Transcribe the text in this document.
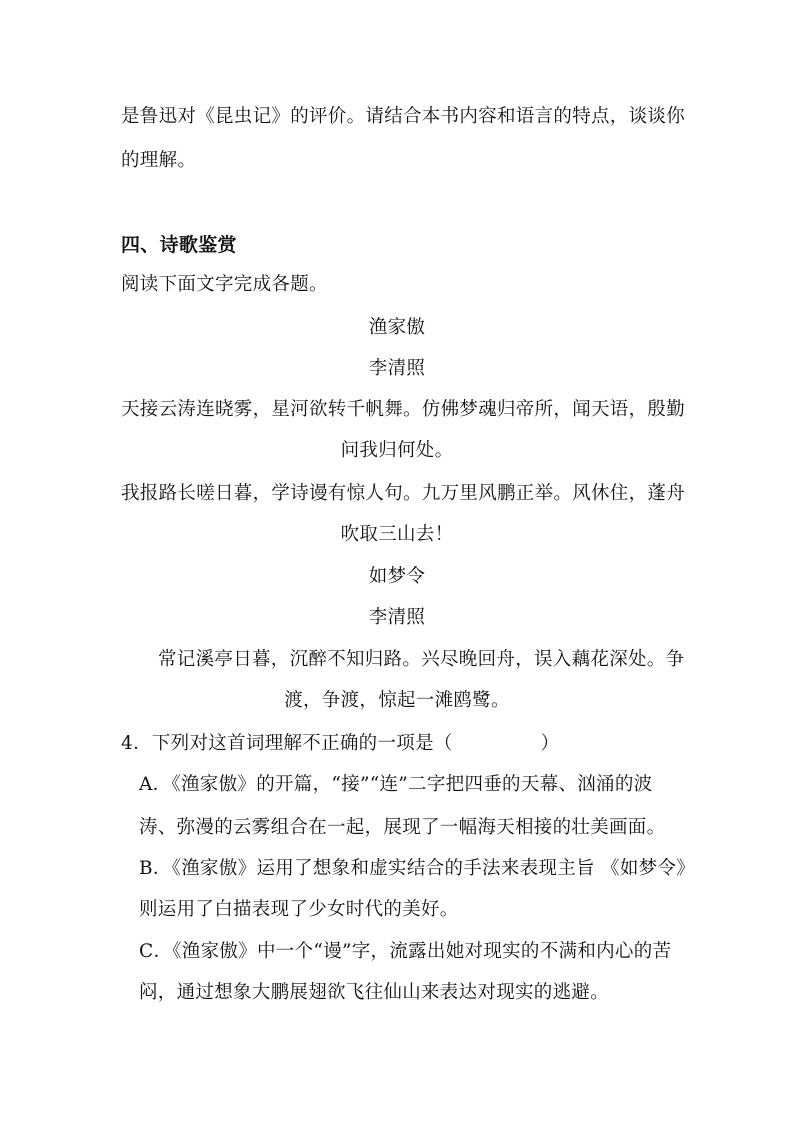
是鲁迅对《昆虫记》的评价。请结合本书内容和语言的特点，谈谈你
的理解。
四、诗歌鉴赏
阅读下面文字完成各题。
渔家傲
李清照
天接云涛连晓雾，星河欲转千帆舞。仿佛梦魂归帝所，闻天语，殷勤
问我归何处。
我报路长嗟日暮，学诗谩有惊人句。九万里风鹏正举。风休住，蓬舟
吹取三山去！
如梦令
李清照
常记溪亭日暮，沉醉不知归路。兴尽晚回舟，误入藕花深处。争
渡，争渡，惊起一滩鸥鹭。
4．下列对这首词理解不正确的一项是（	）
A．《渔家傲》的开篇，“接”“连”二字把四垂的天幕、汹涌的波
涛、弥漫的云雾组合在一起，展现了一幅海天相接的壮美画面。
B．《渔家傲》运用了想象和虚实结合的手法来表现主旨 《如梦令》
则运用了白描表现了少女时代的美好。
C．《渔家傲》中一个“谩”字，流露出她对现实的不满和内心的苦
闷，通过想象大鹏展翅欲飞往仙山来表达对现实的逃避。
